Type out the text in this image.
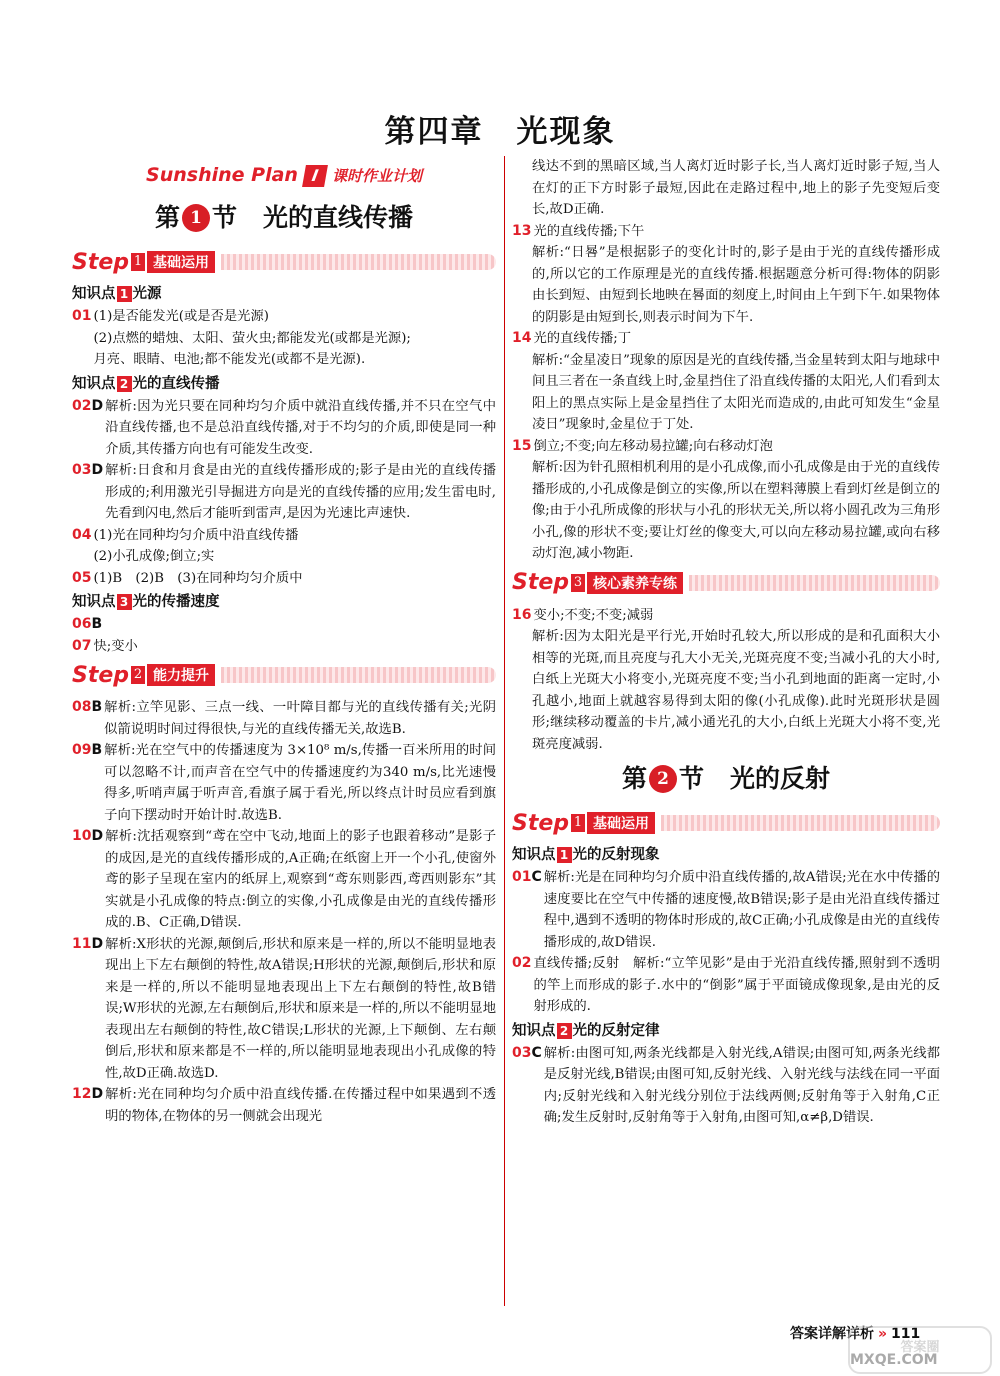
第四章　光现象
Sunshine Plan I 课时作业计划
第 1 节 光的直线传播
Step 1 基础运用
知识点 1 光源
01 (1)是否能发光(或是否是光源)
(2)点燃的蜡烛、太阳、萤火虫;都能发光(或都是光源);
月亮、眼睛、电池;都不能发光(或都不是光源).
知识点 2 光的直线传播
02D 解析:因为光只要在同种均匀介质中就沿直线传播,并不只在空气中沿直线传播,也不是总沿直线传播,对于不均匀的介质,即使是同一种介质,其传播方向也有可能发生改变.
03D 解析:日食和月食是由光的直线传播形成的;影子是由光的直线传播形成的;利用激光引导掘进方向是光的直线传播的应用;发生雷电时,先看到闪电,然后才能听到雷声,是因为光速比声速快.
04 (1)光在同种均匀介质中沿直线传播
(2)小孔成像;倒立;实
05 (1)B　(2)B　(3)在同种均匀介质中
知识点 3 光的传播速度
06B
07 快;变小
Step 2 能力提升
08B 解析:立竿见影、三点一线、一叶障目都与光的直线传播有关;光阴似箭说明时间过得很快,与光的直线传播无关,故选B.
09B 解析:光在空气中的传播速度为 3×10⁸ m/s,传播一百米所用的时间可以忽略不计,而声音在空气中的传播速度约为340 m/s,比光速慢得多,听哨声属于听声音,看旗子属于看光,所以终点计时员应看到旗子向下摆动时开始计时.故选B.
10D 解析:沈括观察到“鸢在空中飞动,地面上的影子也跟着移动”是影子的成因,是光的直线传播形成的,A正确;在纸窗上开一个小孔,使窗外鸢的影子呈现在室内的纸屏上,观察到“鸢东则影西,鸢西则影东”其实就是小孔成像的特点:倒立的实像,小孔成像是由光的直线传播形成的.B、C正确,D错误.
11D 解析:X形状的光源,颠倒后,形状和原来是一样的,所以不能明显地表现出上下左右颠倒的特性,故A错误;H形状的光源,颠倒后,形状和原来是一样的,所以不能明显地表现出上下左右颠倒的特性,故B错误;W形状的光源,左右颠倒后,形状和原来是一样的,所以不能明显地表现出左右颠倒的特性,故C错误;L形状的光源,上下颠倒、左右颠倒后,形状和原来都是不一样的,所以能明显地表现出小孔成像的特性,故D正确.故选D.
12D 解析:光在同种均匀介质中沿直线传播.在传播过程中如果遇到不透明的物体,在物体的另一侧就会出现光
线达不到的黑暗区域,当人离灯近时影子长,当人离灯近时影子短,当人在灯的正下方时影子最短,因此在走路过程中,地上的影子先变短后变长,故D正确.
13 光的直线传播;下午
解析:“日晷”是根据影子的变化计时的,影子是由于光的直线传播形成的,所以它的工作原理是光的直线传播.根据题意分析可得:物体的阴影由长到短、由短到长地映在晷面的刻度上,时间由上午到下午.如果物体的阴影是由短到长,则表示时间为下午.
14 光的直线传播;丁
解析:“金星凌日”现象的原因是光的直线传播,当金星转到太阳与地球中间且三者在一条直线上时,金星挡住了沿直线传播的太阳光,人们看到太阳上的黑点实际上是金星挡住了太阳光而造成的,由此可知发生“金星凌日”现象时,金星位于丁处.
15 倒立;不变;向左移动易拉罐;向右移动灯泡
解析:因为针孔照相机利用的是小孔成像,而小孔成像是由于光的直线传播形成的,小孔成像是倒立的实像,所以在塑料薄膜上看到灯丝是倒立的像;由于小孔所成像的形状与小孔的形状无关,所以将小圆孔改为三角形小孔,像的形状不变;要让灯丝的像变大,可以向左移动易拉罐,或向右移动灯泡,减小物距.
Step 3 核心素养专练
16 变小;不变;不变;减弱
解析:因为太阳光是平行光,开始时孔较大,所以形成的是和孔面积大小相等的光斑,而且亮度与孔大小无关,光斑亮度不变;当减小孔的大小时,白纸上光斑大小将变小,光斑亮度不变;当小孔到地面的距离一定时,小孔越小,地面上就越容易得到太阳的像(小孔成像).此时光斑形状是圆形;继续移动覆盖的卡片,减小通光孔的大小,白纸上光斑大小将不变,光斑亮度减弱.
第 2 节 光的反射
Step 1 基础运用
知识点 1 光的反射现象
01C 解析:光是在同种均匀介质中沿直线传播的,故A错误;光在水中传播的速度要比在空气中传播的速度慢,故B错误;影子是由光沿直线传播过程中,遇到不透明的物体时形成的,故C正确;小孔成像是由光的直线传播形成的,故D错误.
02 直线传播;反射　解析:“立竿见影”是由于光沿直线传播,照射到不透明的竿上而形成的影子.水中的“倒影”属于平面镜成像现象,是由光的反射形成的.
知识点 2 光的反射定律
03C 解析:由图可知,两条光线都是入射光线,A错误;由图可知,两条光线都是反射光线,B错误;由图可知,反射光线、入射光线与法线在同一平面内;反射光线和入射光线分别位于法线两侧;反射角等于入射角,C正确;发生反射时,反射角等于入射角,由图可知,α≠β,D错误.
答案详解详析 » 111
答案圈
MXQE.COM
